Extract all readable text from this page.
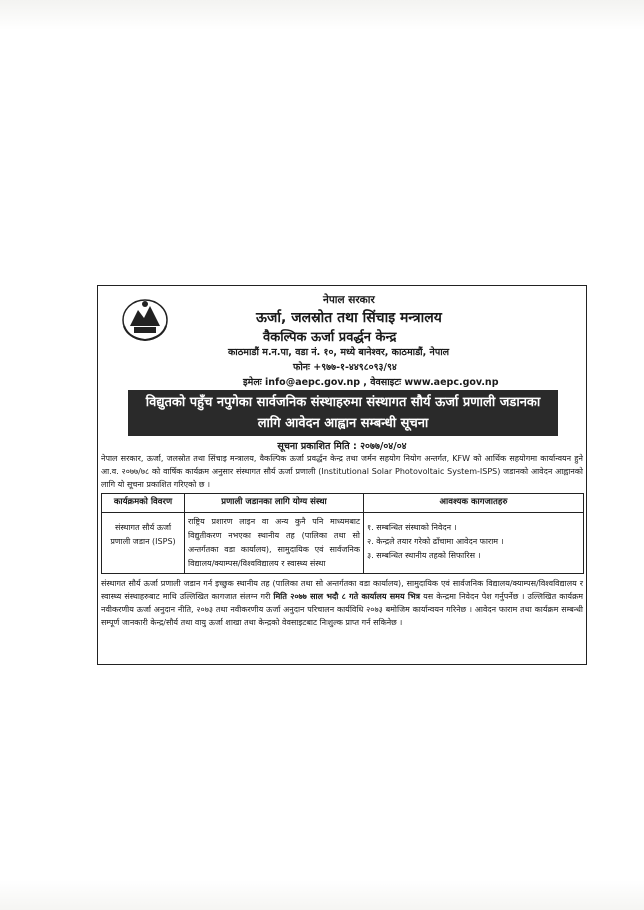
नेपाल सरकार
ऊर्जा, जलस्रोत तथा सिंचाइ मन्त्रालय
वैकल्पिक ऊर्जा प्रवर्द्धन केन्द्र
काठमाडौं म.न.पा, वडा नं. १०, मध्ये बानेश्वर, काठमाडौं, नेपाल
फोनः +९७७-१-४४९८०९३/९४
इमेलः info@aepc.gov.np , वेवसाइटः www.aepc.gov.np
विद्युतको पहुँच नपुगेका सार्वजनिक संस्थाहरुमा संस्थागत सौर्य ऊर्जा प्रणाली जडानका लागि आवेदन आह्वान सम्बन्धी सूचना
सूचना प्रकाशित मिति : २०७७/०४/०४
नेपाल सरकार, ऊर्जा, जलस्रोत तथा सिंचाइ मन्त्रालय, वैकल्पिक ऊर्जा प्रवर्द्धन केन्द्र तथा जर्मन सहयोग नियोग अन्तर्गत, KFW को आर्थिक सहयोगमा कार्यान्वयन हुने आ.व. २०७७/७८ को वार्षिक कार्यक्रम अनुसार संस्थागत सौर्य ऊर्जा प्रणाली (Institutional Solar Photovoltaic System-ISPS) जडानको आवेदन आह्वानको लागि यो सूचना प्रकाशित गरिएको छ ।
कार्यक्रमको विवरण	प्रणाली जडानका लागि योग्य संस्था	आवश्यक कागजातहरु
संस्थागत सौर्य ऊर्जा प्रणाली जडान (ISPS)	राष्ट्रिय प्रशारण लाइन वा अन्य कुनै पनि माध्यमबाट विद्युतीकरण नभएका स्थानीय तह (पालिका तथा सो अन्तर्गतका वडा कार्यालय), सामुदायिक एवं सार्वजनिक विद्यालय/क्याम्पस/विश्वविद्यालय र स्वास्थ्य संस्था	१. सम्बन्धित संस्थाको निवेदन ।
२. केन्द्रले तयार गरेको ढाँचामा आवेदन फाराम ।
३. सम्बन्धित स्थानीय तहको सिफारिस ।
संस्थागत सौर्य ऊर्जा प्रणाली जडान गर्न इच्छुक स्थानीय तह (पालिका तथा सो अन्तर्गतका वडा कार्यालय), सामुदायिक एवं सार्वजनिक विद्यालय/क्याम्पस/विश्वविद्यालय र स्वास्थ्य संस्थाहरुबाट माथि उल्लिखित कागजात संलग्न गरी मिति २०७७ साल भदौ ८ गते कार्यालय समय भित्र यस केन्द्रमा निवेदन पेश गर्नुपर्नेछ । उल्लिखित कार्यक्रम नवीकरणीय ऊर्जा अनुदान नीति, २०७३ तथा नवीकरणीय ऊर्जा अनुदान परिचालन कार्यविधि २०७३ बमोजिम कार्यान्वयन गरिनेछ । आवेदन फाराम तथा कार्यक्रम सम्बन्धी सम्पूर्ण जानकारी केन्द्र/सौर्य तथा वायु ऊर्जा शाखा तथा केन्द्रको वेवसाइटबाट निःशुल्क प्राप्त गर्न सकिनेछ ।
